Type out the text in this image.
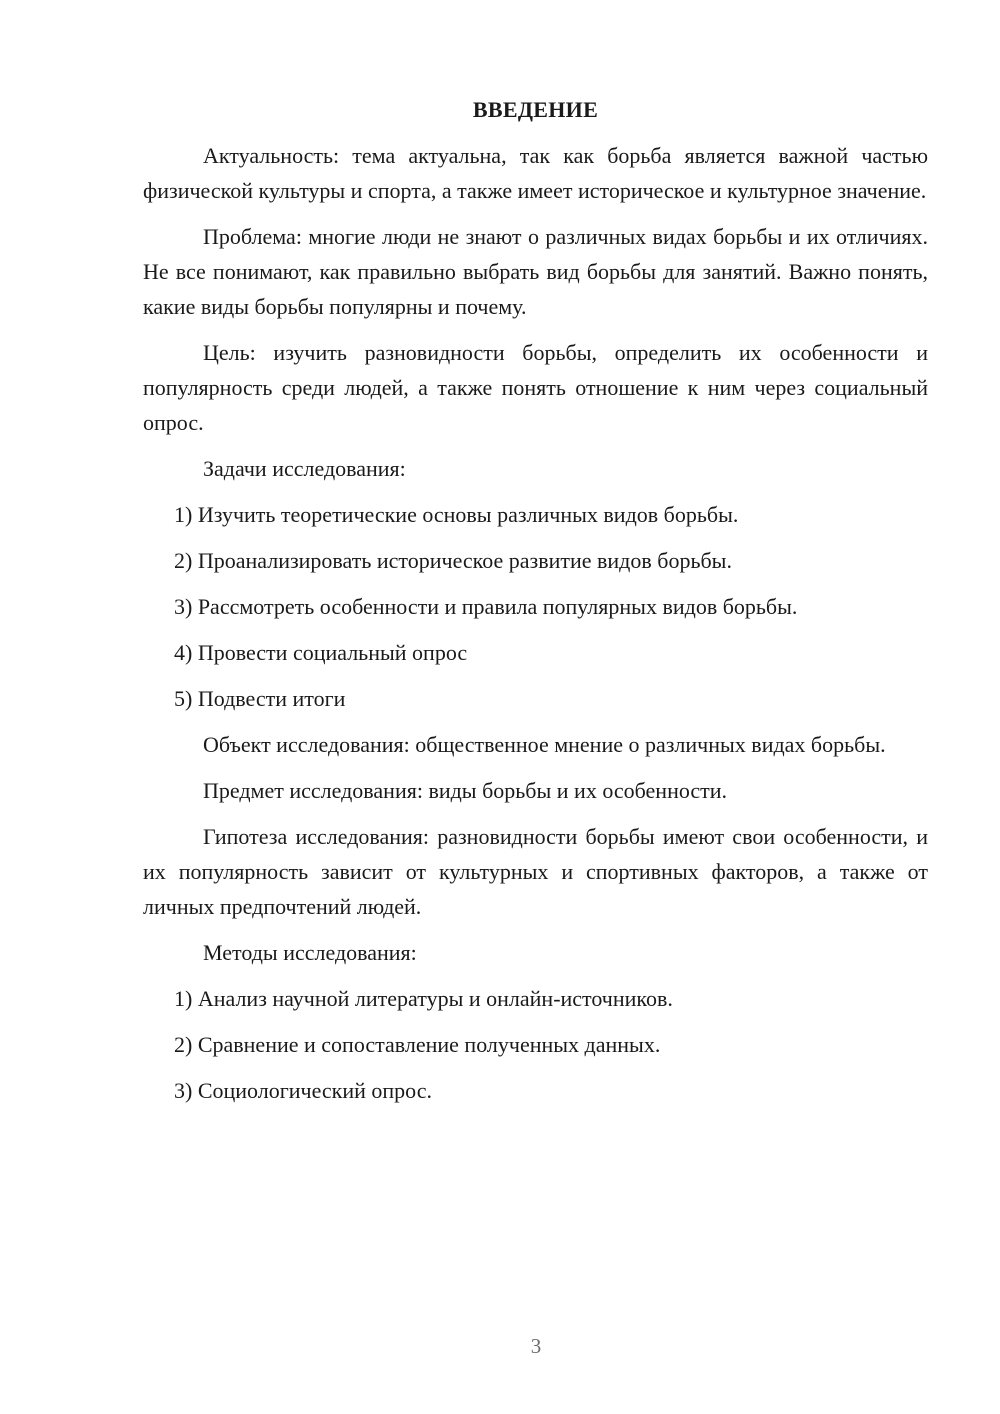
ВВЕДЕНИЕ
Актуальность: тема актуальна, так как борьба является важной частью физической культуры и спорта, а также имеет историческое и культурное значение.
Проблема: многие люди не знают о различных видах борьбы и их отличиях. Не все понимают, как правильно выбрать вид борьбы для занятий. Важно понять, какие виды борьбы популярны и почему.
Цель: изучить разновидности борьбы, определить их особенности и популярность среди людей, а также понять отношение к ним через социальный опрос.
Задачи исследования:
1) Изучить теоретические основы различных видов борьбы.
2) Проанализировать историческое развитие видов борьбы.
3) Рассмотреть особенности и правила популярных видов борьбы.
4) Провести социальный опрос
5) Подвести итоги
Объект исследования: общественное мнение о различных видах борьбы.
Предмет исследования: виды борьбы и их особенности.
Гипотеза исследования: разновидности борьбы имеют свои особенности, и их популярность зависит от культурных и спортивных факторов, а также от личных предпочтений людей.
Методы исследования:
1) Анализ научной литературы и онлайн-источников.
2) Сравнение и сопоставление полученных данных.
3) Социологический опрос.
3
